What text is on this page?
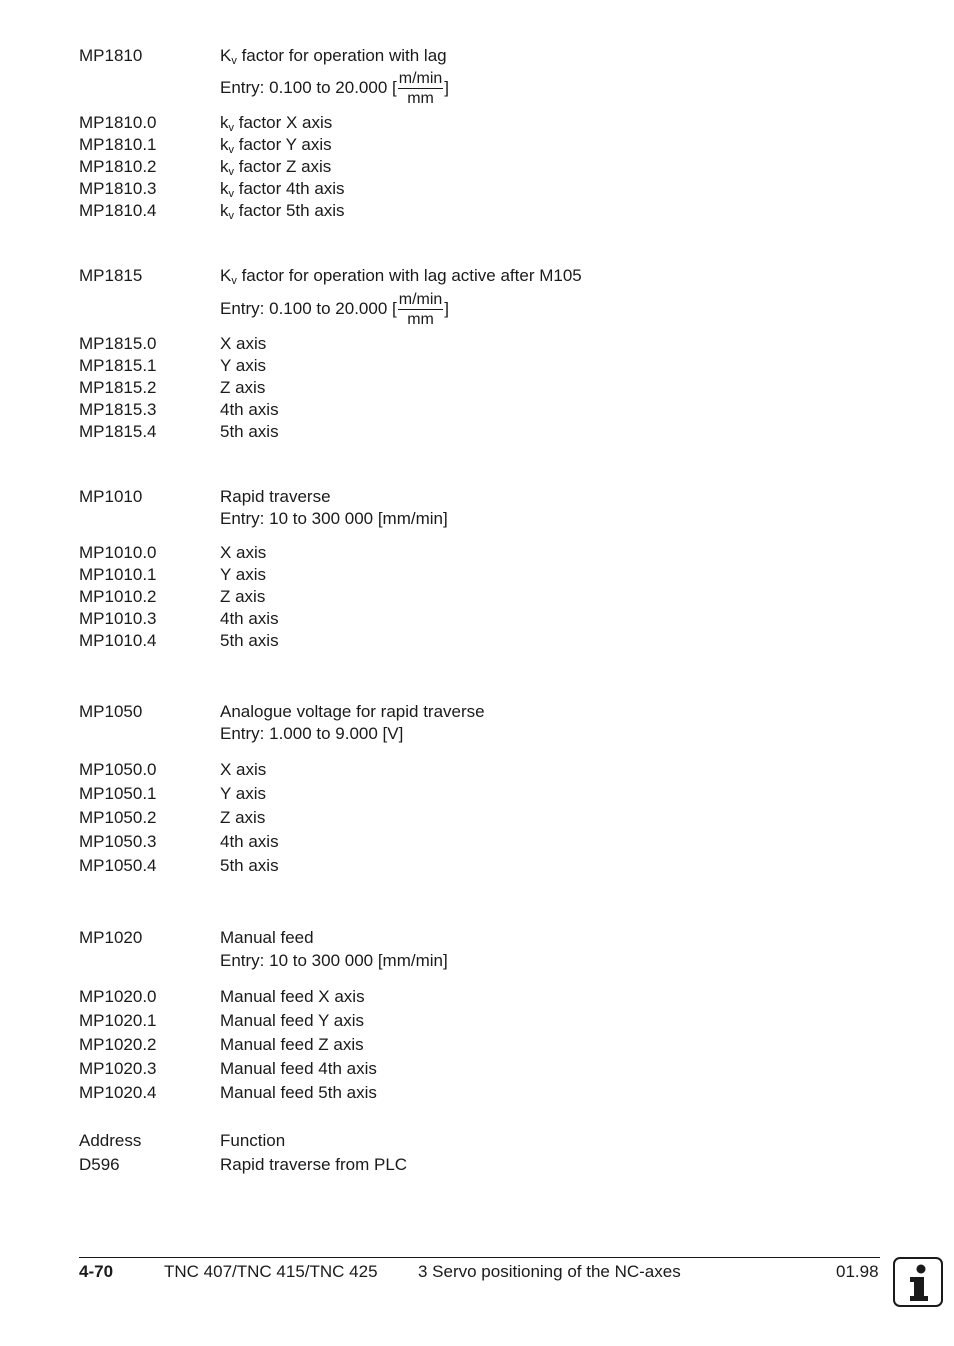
MP1810	$K_v$ factor for operation with lag
Entry: 0.100 to 20.000 [ $\frac{m/\min}{mm}$ ]
MP1810.0	$k_v$ factor X axis
MP1810.1	$k_v$ factor Y axis
MP1810.2	$k_v$ factor Z axis
MP1810.3	$k_v$ factor 4th axis
MP1810.4	$k_v$ factor 5th axis
MP1815	$K_v$ factor for operation with lag active after M105
Entry: 0.100 to 20.000 [ $\frac{m/\min}{mm}$ ]
MP1815.0	X axis
MP1815.1	Y axis
MP1815.2	Z axis
MP1815.3	4th axis
MP1815.4	5th axis
MP1010	Rapid traverse
Entry: 10 to 300 000 [mm/min]
MP1010.0	X axis
MP1010.1	Y axis
MP1010.2	Z axis
MP1010.3	4th axis
MP1010.4	5th axis
MP1050	Analogue voltage for rapid traverse
Entry: 1.000 to 9.000 [V]
MP1050.0	X axis
MP1050.1	Y axis
MP1050.2	Z axis
MP1050.3	4th axis
MP1050.4	5th axis
MP1020	Manual feed
Entry: 10 to 300 000 [mm/min]
MP1020.0	Manual feed X axis
MP1020.1	Manual feed Y axis
MP1020.2	Manual feed Z axis
MP1020.3	Manual feed 4th axis
MP1020.4	Manual feed 5th axis
Address	Function
D596	Rapid traverse from PLC
4-70	TNC 407/TNC 415/TNC 425 3 Servo positioning of the NC-axes	01.98
